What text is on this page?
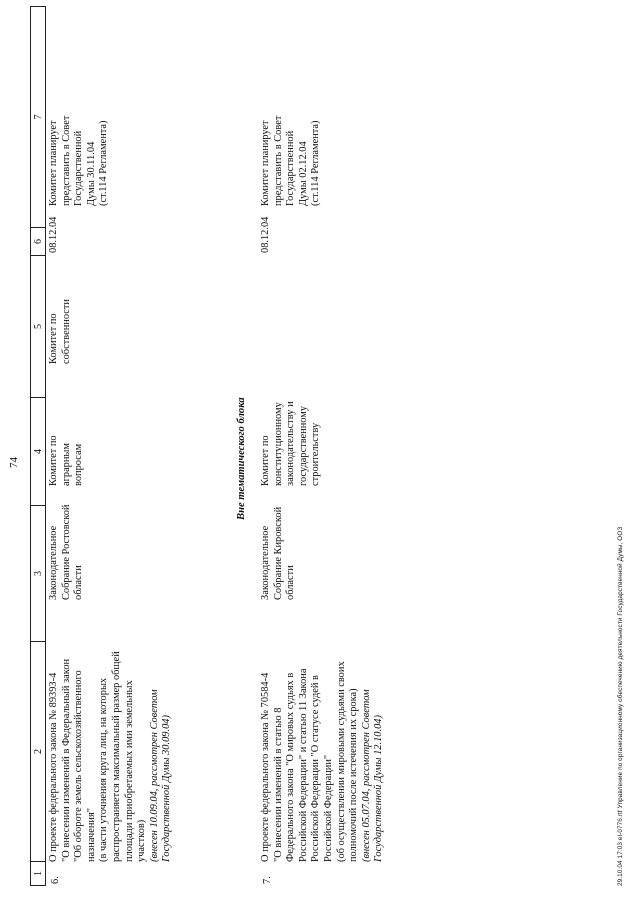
74
1
2
3
4
5
6
7
6.
О проекте федерального закона № 89393-4
"О внесении изменений в Федеральный закон
"Об обороте земель сельскохозяйственного
назначения"
(в части уточнения круга лиц, на которых
распространяется максимальный размер общей
площади приобретаемых ими земельных
участков) (внесен 10.09.04, рассмотрен Советом
Государственной Думы 30.09.04)
Законодательное
Собрание Ростовской
области
Комитет по
аграрным
вопросам
Комитет по
собственности
08.12.04
Комитет планирует
представить в Совет
Государственной
Думы 30.11.04
(ст.114 Регламента)
Вне тематического блока
7.
О проекте федерального закона № 70584-4
"О внесении изменений в статью 8
Федерального закона "О мировых судьях в
Российской Федерации" и статью 11 Закона
Российской Федерации "О статусе судей в
Российской Федерации"
(об осуществлении мировыми судьями своих
полномочий после истечения их срока)
(внесен 05.07.04, рассмотрен Советом
Государственной Думы 12.10.04)
Законодательное
Собрание Кировской
области
Комитет по
конституционному
законодательству и
государственному
строительству
08.12.04
Комитет планирует
представить в Совет
Государственной
Думы 02.12.04
(ст.114 Регламента)
29.10.04 17:03 el-0776.rtf Управление по организационному обеспечению деятельности Государственной Думы, ООЗ
